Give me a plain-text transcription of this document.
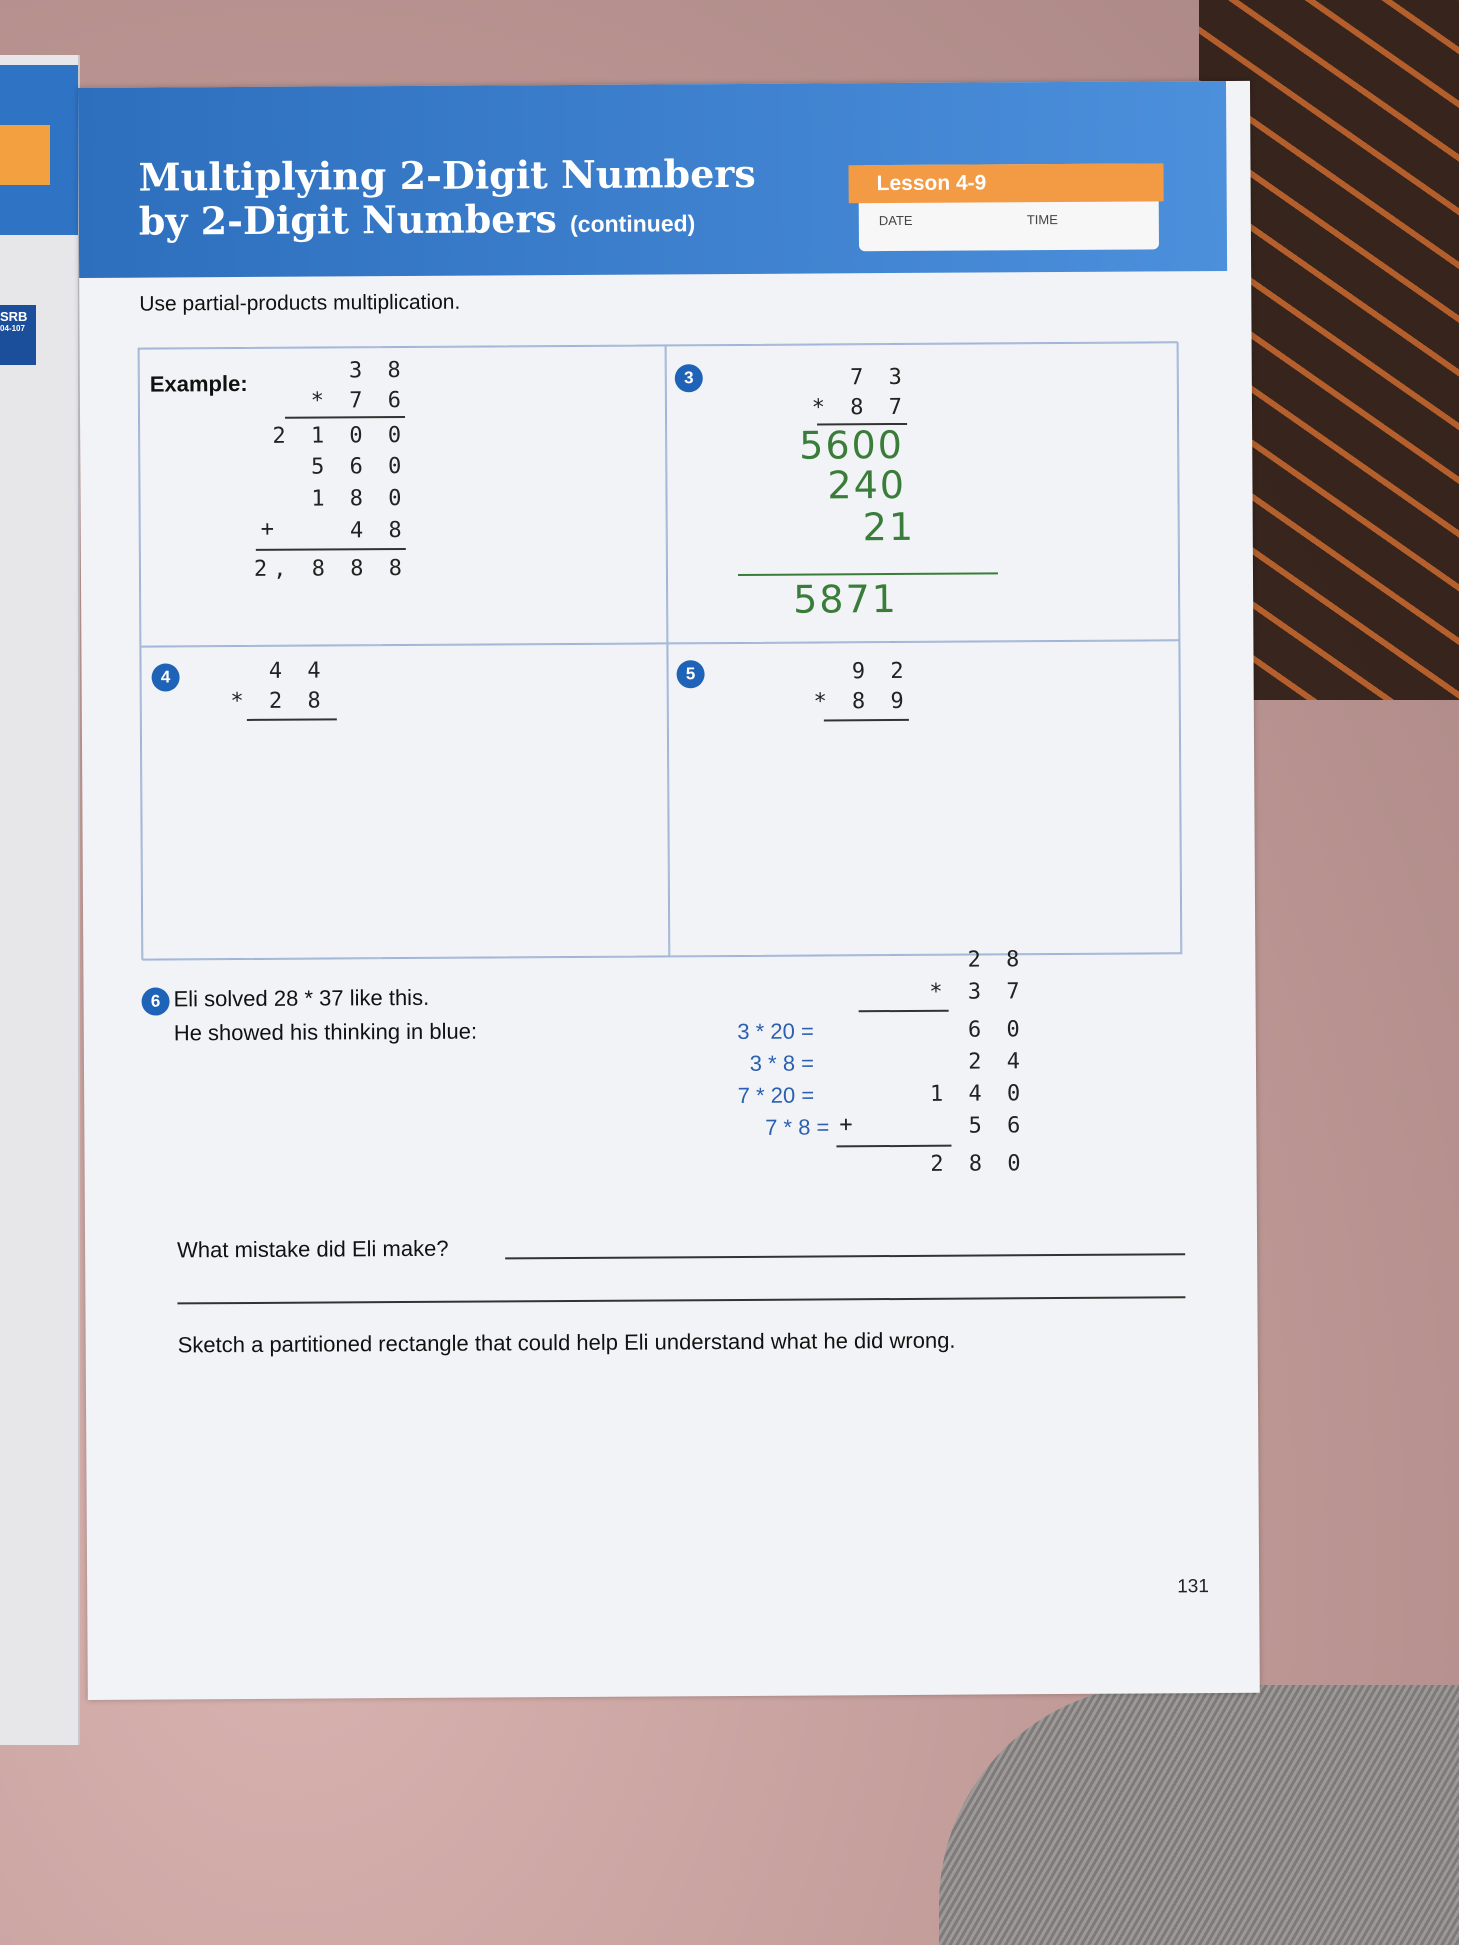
SRB
04-107
Multiplying 2-Digit Numbers
by 2-Digit Numbers (continued)
Lesson 4-9
DATE	TIME
Use partial-products multiplication.
Example:
3 8
* 7 6
2 1 0 0
5 6 0
1 8 0
4 8
+
2, 8 8 8
3	7 3
* 8 7
5600
240
21
5871
4	4 4
* 2 8
5	9 2
* 8 9
6 Eli solved 28 * 37 like this.
He showed his thinking in blue:
2 8
* 3 7
3 * 20 =	6 0
3 * 8 =	2 4
7 * 20 =	1 4 0
7 * 8 = +	5 6
2 8 0
What mistake did Eli make?
Sketch a partitioned rectangle that could help Eli understand what he did wrong.
131
